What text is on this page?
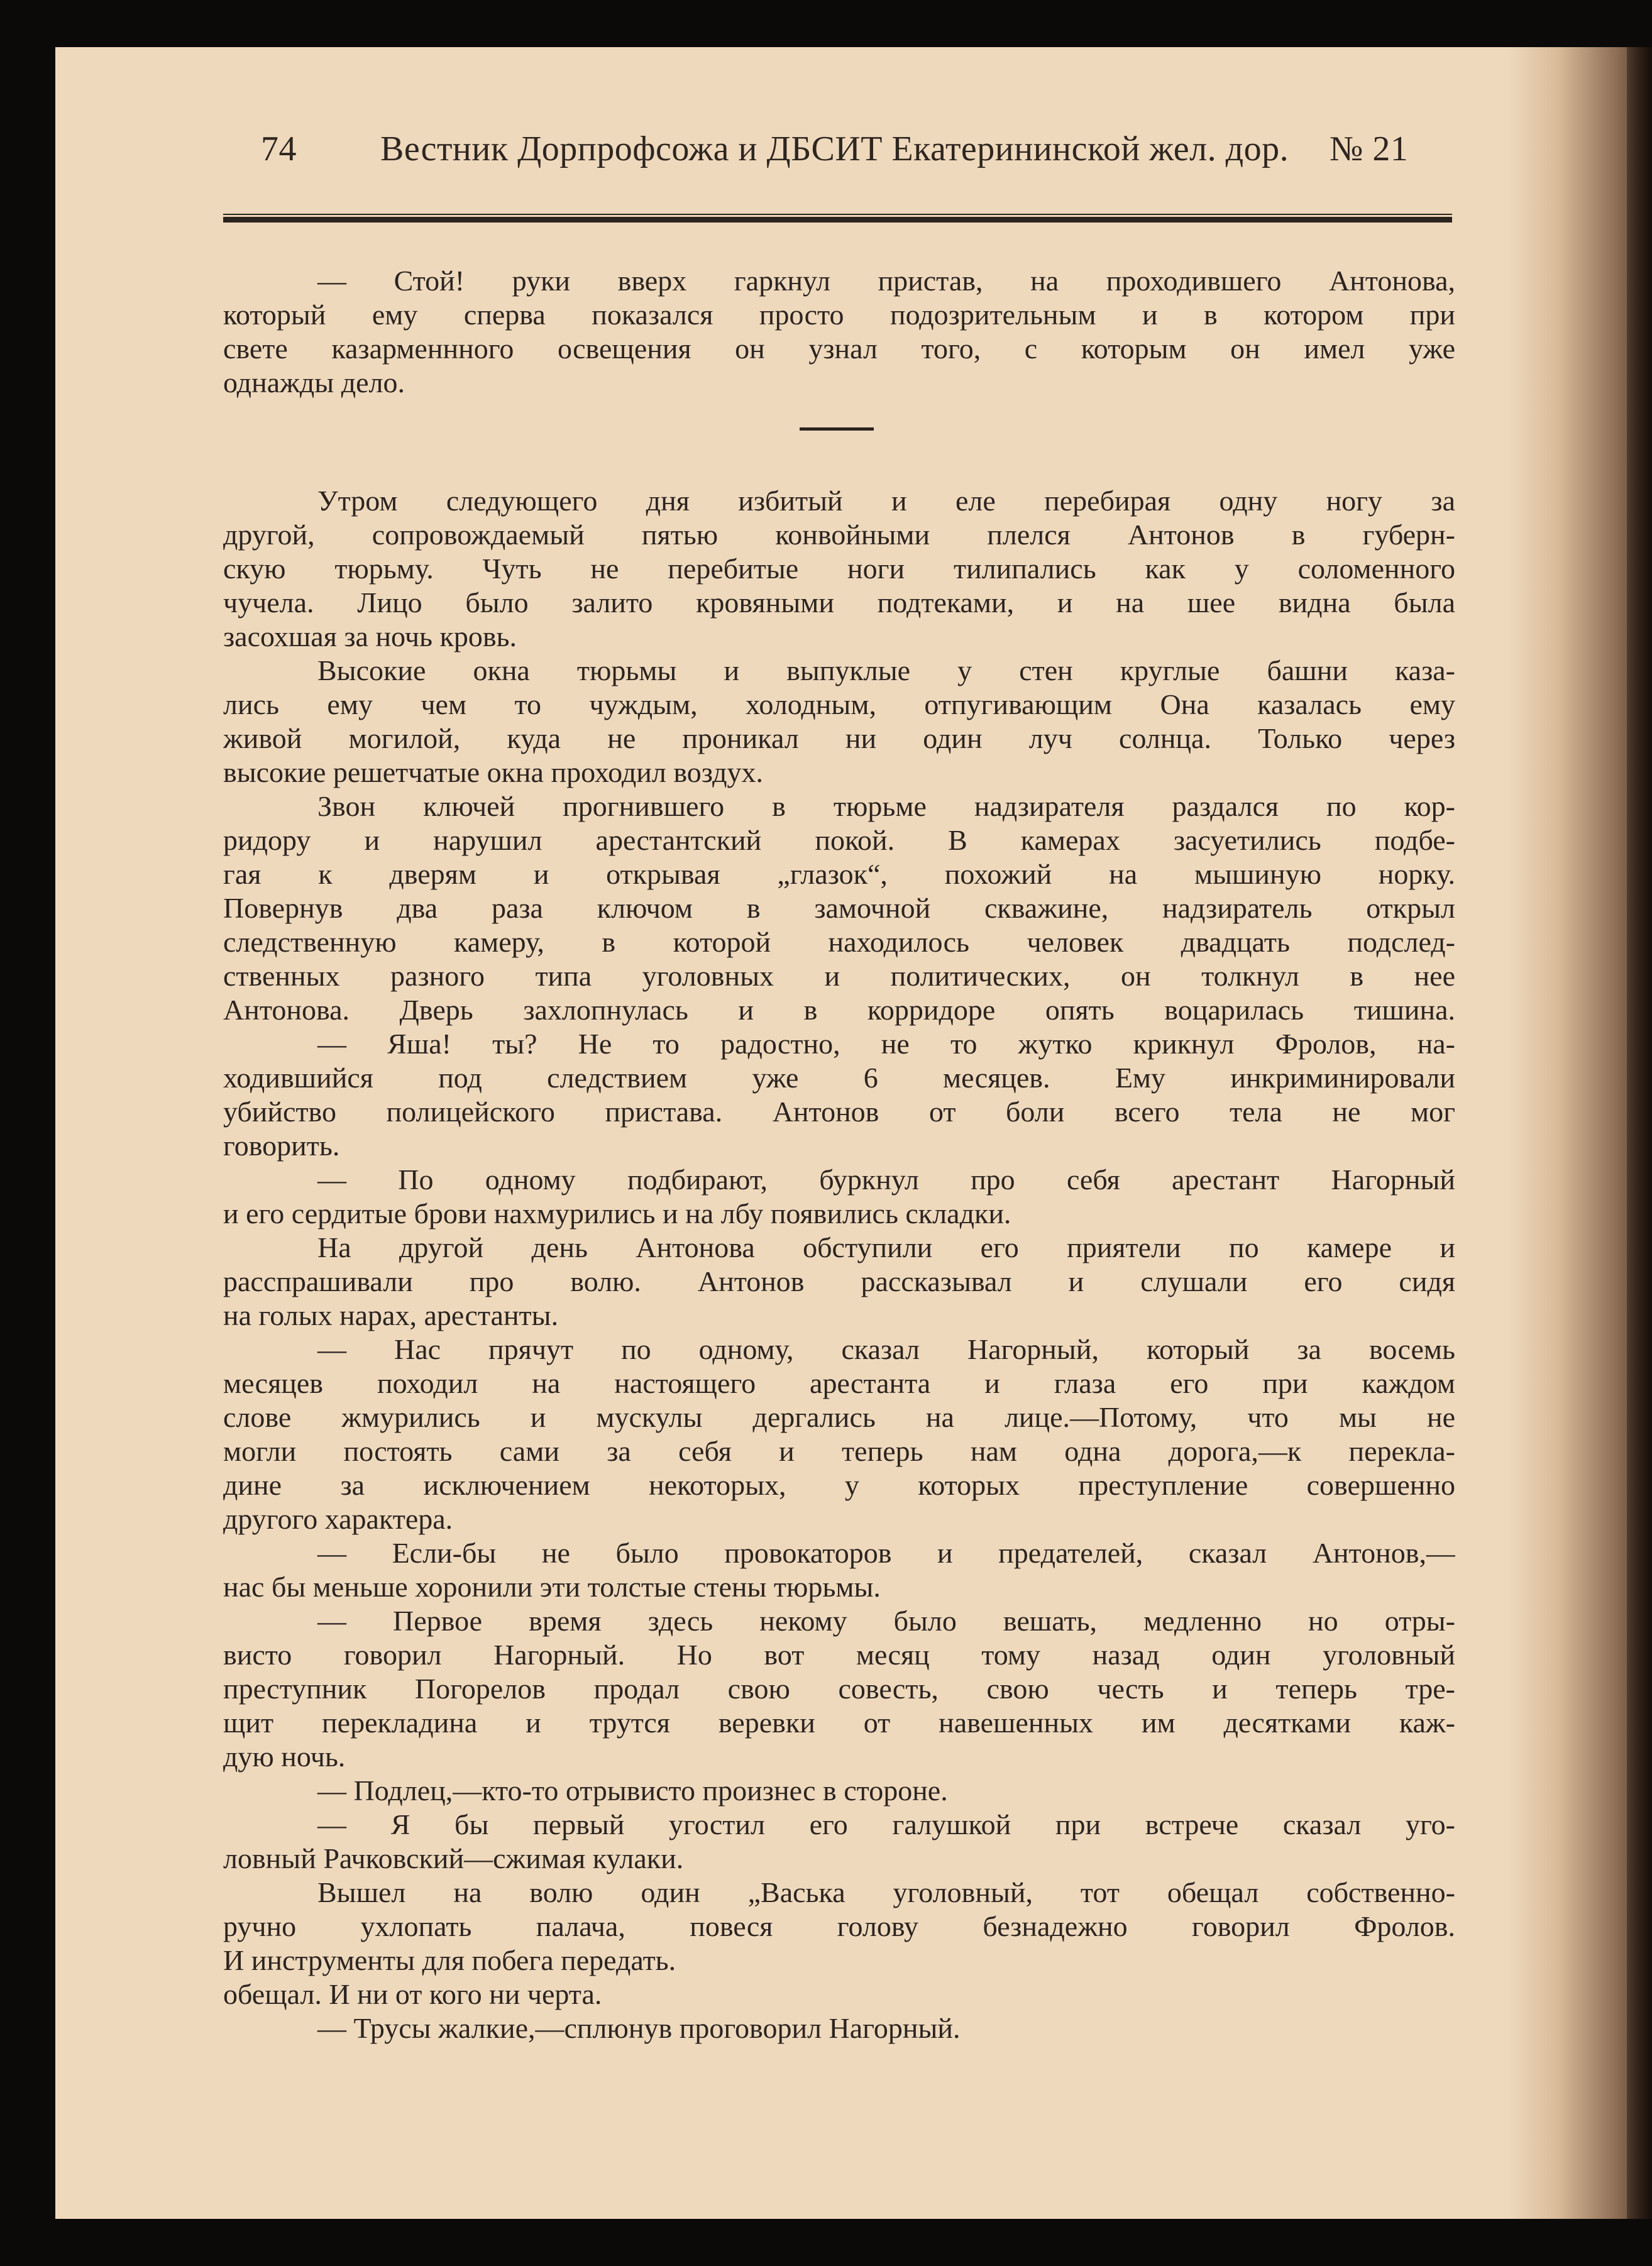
74 Вестник Дорпрофсожа и ДБСИТ Екатерининской жел. дор. № 21
— Стой! руки вверх гаркнул пристав, на проходившего Антонова,
который ему сперва показался просто подозрительным и в котором при
свете казарменнного освещения он узнал того, с которым он имел уже
однажды дело.
Утром следующего дня избитый и еле перебирая одну ногу за
другой, сопровождаемый пятью конвойными плелся Антонов в губерн-
скую тюрьму. Чуть не перебитые ноги тилипались как у соломенного
чучела. Лицо было залито кровяными подтеками, и на шее видна была
засохшая за ночь кровь.
Высокие окна тюрьмы и выпуклые у стен круглые башни каза-
лись ему чем то чуждым, холодным, отпугивающим Она казалась ему
живой могилой, куда не проникал ни один луч солнца. Только через
высокие решетчатые окна проходил воздух.
Звон ключей прогнившего в тюрьме надзирателя раздался по кор-
ридору и нарушил арестантский покой. В камерах засуетились подбе-
гая к дверям и открывая „глазок“, похожий на мышиную норку.
Повернув два раза ключом в замочной скважине, надзиратель открыл
следственную камеру, в которой находилось человек двадцать подслед-
ственных разного типа уголовных и политических, он толкнул в нее
Антонова. Дверь захлопнулась и в корридоре опять воцарилась тишина.
— Яша! ты? Не то радостно, не то жутко крикнул Фролов, на-
ходившийся под следствием уже 6 месяцев. Ему инкриминировали
убийство полицейского пристава. Антонов от боли всего тела не мог
говорить.
— По одному подбирают, буркнул про себя арестант Нагорный
и его сердитые брови нахмурились и на лбу появились складки.
На другой день Антонова обступили его приятели по камере и
расспрашивали про волю. Антонов рассказывал и слушали его сидя
на голых нарах, арестанты.
— Нас прячут по одному, сказал Нагорный, который за восемь
месяцев походил на настоящего арестанта и глаза его при каждом
слове жмурились и мускулы дергались на лице.—Потому, что мы не
могли постоять сами за себя и теперь нам одна дорога,—к перекла-
дине за исключением некоторых, у которых преступление совершенно
другого характера.
— Если-бы не было провокаторов и предателей, сказал Антонов,—
нас бы меньше хоронили эти толстые стены тюрьмы.
— Первое время здесь некому было вешать, медленно но отры-
висто говорил Нагорный. Но вот месяц тому назад один уголовный
преступник Погорелов продал свою совесть, свою честь и теперь тре-
щит перекладина и трутся веревки от навешенных им десятками каж-
дую ночь.
— Подлец,—кто-то отрывисто произнес в стороне.
— Я бы первый угостил его галушкой при встрече сказал уго-
ловный Рачковский—сжимая кулаки.
Вышел на волю один „Васька уголовный, тот обещал собственно-
ручно ухлопать палача, повеся голову безнадежно говорил Фролов.
И инструменты для побега передать.
обещал. И ни от кого ни черта.
— Трусы жалкие,—сплюнув проговорил Нагорный.
